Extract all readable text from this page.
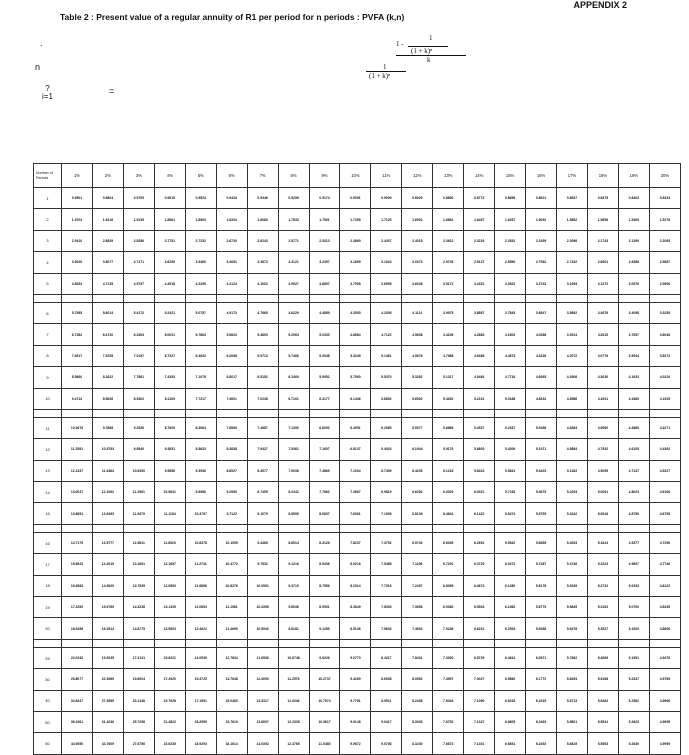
APPENDIX 2
Table 2 : Present value of a regular annuity of R1 per period for n periods : PVFA (k,n)
1
1 -
(1 + k)ⁿ
k
1
(1 + k)ⁿ
.
n
=
?
i=1
Number of Periods	1%	2%	3%	4%	5%	6%	7%	8%	9%	10%	11%	12%	13%	14%	15%	16%	17%	18%	19%	20%
1	0.9901	0.9804	0.9709	0.9615	0.9524	0.9434	0.9346	0.9259	0.9174	0.9091	0.9009	0.8929	0.8850	0.8772	0.8696	0.8621	0.8547	0.8475	0.8403	0.8333
2	1.9704	1.9416	1.9135	1.8861	1.8594	1.8334	1.8080	1.7833	1.7591	1.7355	1.7125	1.6901	1.6681	1.6467	1.6257	1.6052	1.5852	1.5656	1.5465	1.5278
3	2.9410	2.8839	2.8286	2.7751	2.7232	2.6730	2.6243	2.5771	2.5313	2.4869	2.4437	2.4018	2.3612	2.3216	2.2832	2.2459	2.2096	2.1743	2.1399	2.1065
4	3.9020	3.8077	3.7171	3.6299	3.5460	3.4651	3.3872	3.3121	3.2397	3.1699	3.1024	3.0373	2.9745	2.9137	2.8550	2.7982	2.7432	2.6901	2.6386	2.5887
5	4.8534	4.7135	4.5797	4.4518	4.3295	4.2124	4.1002	3.9927	3.8897	3.7908	3.6959	3.6048	3.5172	3.4331	3.3522	3.2743	3.1993	3.1272	3.0576	2.9906

6	5.7955	5.6014	5.4172	5.2421	5.0757	4.9173	4.7665	4.6229	4.4859	4.3553	4.2305	4.1114	3.9975	3.8887	3.7845	3.6847	3.5892	3.4976	3.4098	3.3255
7	6.7282	6.4720	6.2303	6.0021	5.7864	5.5824	5.3893	5.2064	5.0330	4.8684	4.7122	4.5638	4.4226	4.2883	4.1604	4.0386	3.9224	3.8115	3.7057	3.6046
8	7.6517	7.3255	7.0197	6.7327	6.4632	6.2098	5.9713	5.7466	5.5348	5.3349	5.1461	4.9676	4.7988	4.6389	4.4873	4.3436	4.2072	4.0776	3.9544	3.8372
9	8.5660	8.1622	7.7861	7.4353	7.1078	6.8017	6.5152	6.2469	5.9952	5.7590	5.5370	5.3282	5.1317	4.9464	4.7716	4.6065	4.4506	4.3030	4.1633	4.0310
10	9.4713	8.9826	8.5302	8.1109	7.7217	7.3601	7.0236	6.7101	6.4177	6.1446	5.8892	5.6502	5.4262	5.2161	5.0188	4.8332	4.6586	4.4941	4.3389	4.1925

11	10.3676	9.7868	9.2526	8.7605	8.3064	7.8869	7.4987	7.1390	6.8052	6.4951	6.2065	5.9377	5.6869	5.4527	5.2337	5.0286	4.8364	4.6560	4.4865	4.3271
12	11.2551	10.5753	9.9540	9.3851	8.8633	8.3838	7.9427	7.5361	7.1607	6.8137	6.4924	6.1944	5.9176	5.6603	5.4206	5.1971	4.9884	4.7932	4.6105	4.4392
13	12.1337	11.3484	10.6350	9.9856	9.3936	8.8527	8.3577	7.9038	7.4869	7.1034	6.7499	6.4235	6.1218	5.8424	5.5831	5.3423	5.1183	4.9095	4.7147	4.5327
14	13.0037	12.1062	11.2961	10.5631	9.8986	9.2950	8.7455	8.2442	7.7862	7.3667	6.9819	6.6282	6.3025	6.0021	5.7245	5.4675	5.2293	5.0081	4.8023	4.6106
15	13.8651	12.8493	11.9379	11.1184	10.3797	9.7122	9.1079	8.5595	8.0607	7.6061	7.1909	6.8109	6.4624	6.1422	5.8474	5.5755	5.3242	5.0916	4.8759	4.6755

16	14.7179	13.5777	12.5611	11.6523	10.8378	10.1059	9.4466	8.8514	8.3126	7.8237	7.3792	6.9740	6.6039	6.2651	5.9542	5.6685	5.4053	5.1624	4.9377	4.7296
17	15.5623	14.2919	13.1661	12.1657	11.2741	10.4773	9.7632	9.1216	8.5436	8.0216	7.5488	7.1196	6.7291	6.3729	6.0472	5.7487	5.4746	5.2223	4.9897	4.7746
18	16.3983	14.9920	13.7535	12.6593	11.6896	10.8276	10.0591	9.3719	8.7556	8.2014	7.7016	7.2497	6.8399	6.4674	6.1280	5.8178	5.5339	5.2732	5.0333	4.8122
19	17.2260	15.6785	14.3238	13.1339	12.0853	11.1581	10.3356	9.6036	8.9501	8.3649	7.8393	7.3658	6.9380	6.5504	6.1982	5.8775	5.5845	5.3162	5.0700	4.8435
20	18.0456	16.3514	14.8775	13.5903	12.4622	11.4699	10.5940	9.8181	9.1285	8.5136	7.9633	7.4694	7.0248	6.6231	6.2593	5.9288	5.6278	5.3527	5.1009	4.8696

25	22.0232	19.5235	17.4131	15.6221	14.0939	12.7834	11.6536	10.6748	9.8226	9.0770	8.4217	7.8431	7.3300	6.8729	6.4641	6.0971	5.7662	5.4669	5.1951	4.9476
30	25.8077	22.3965	19.6004	17.2920	15.3725	13.7648	12.4090	11.2578	10.2737	9.4269	8.6938	8.0552	7.4957	7.0027	6.5660	6.1772	5.8294	5.5168	5.2347	4.9789
40	32.8347	27.3555	23.1148	19.7928	17.1591	15.0463	13.3317	11.9246	10.7574	9.7791	8.9511	8.2438	7.6344	7.1050	6.6418	6.2335	5.8713	5.5482	5.2582	4.9966
50	39.1961	31.4236	25.7298	21.4822	18.2559	15.7619	13.8007	12.2335	10.9617	9.9148	9.0417	8.3045	7.6752	7.1327	6.6605	6.2463	5.8801	5.5541	5.2623	4.9995
60	44.9550	34.7609	27.6756	22.6235	18.9293	16.1614	14.0392	12.3766	11.0480	9.9672	9.0736	8.3240	7.6873	7.1401	6.6651	6.2492	5.8819	5.5553	5.2630	4.9999
